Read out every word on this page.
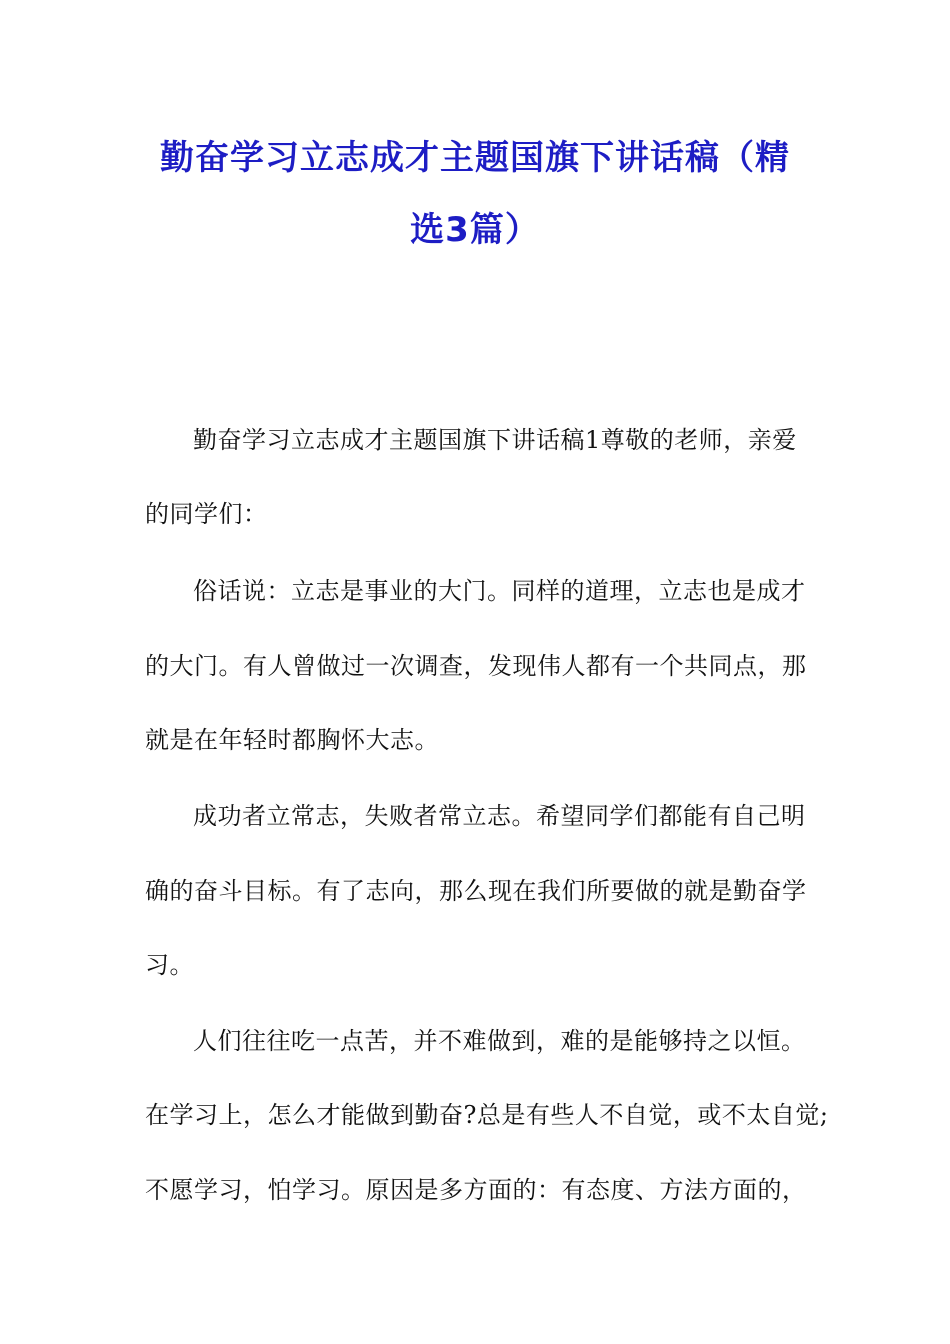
勤奋学习立志成才主题国旗下讲话稿（精
选3篇）
勤奋学习立志成才主题国旗下讲话稿1尊敬的老师，亲爱
的同学们：
俗话说：立志是事业的大门。同样的道理，立志也是成才
的大门。有人曾做过一次调查，发现伟人都有一个共同点，那
就是在年轻时都胸怀大志。
成功者立常志，失败者常立志。希望同学们都能有自己明
确的奋斗目标。有了志向，那么现在我们所要做的就是勤奋学
习。
人们往往吃一点苦，并不难做到，难的是能够持之以恒。
在学习上，怎么才能做到勤奋?总是有些人不自觉，或不太自觉;
不愿学习，怕学习。原因是多方面的：有态度、方法方面的，
